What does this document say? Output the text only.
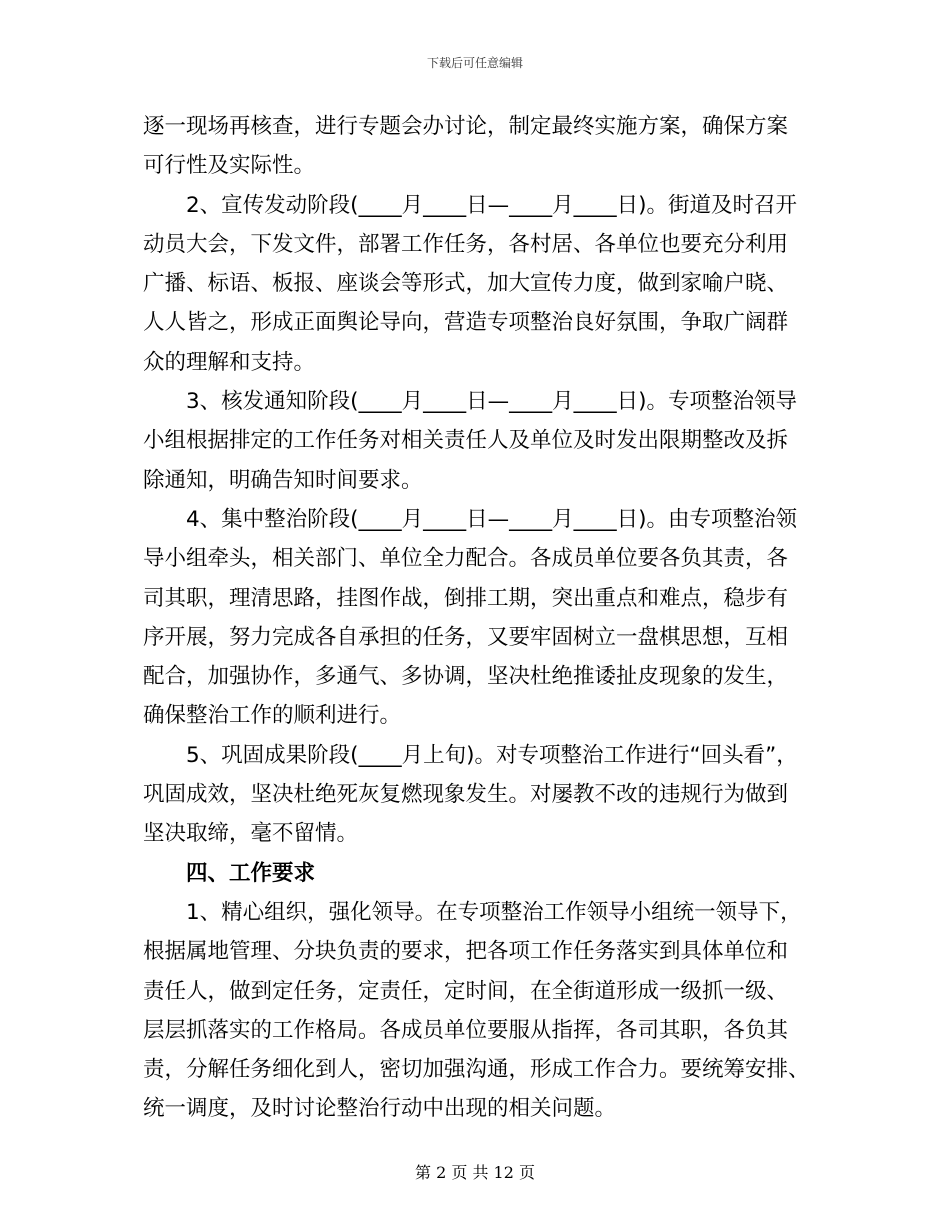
下载后可任意编辑
逐一现场再核查，进行专题会办讨论，制定最终实施方案，确保方案
可行性及实际性。
2、宣传发动阶段(____月____日—____月____日)。街道及时召开
动员大会，下发文件，部署工作任务，各村居、各单位也要充分利用
广播、标语、板报、座谈会等形式，加大宣传力度，做到家喻户晓、
人人皆之，形成正面舆论导向，营造专项整治良好氛围，争取广阔群
众的理解和支持。
3、核发通知阶段(____月____日—____月____日)。专项整治领导
小组根据排定的工作任务对相关责任人及单位及时发出限期整改及拆
除通知，明确告知时间要求。
4、集中整治阶段(____月____日—____月____日)。由专项整治领
导小组牵头，相关部门、单位全力配合。各成员单位要各负其责，各
司其职，理清思路，挂图作战，倒排工期，突出重点和难点，稳步有
序开展，努力完成各自承担的任务，又要牢固树立一盘棋思想，互相
配合，加强协作，多通气、多协调，坚决杜绝推诿扯皮现象的发生，
确保整治工作的顺利进行。
5、巩固成果阶段(____月上旬)。对专项整治工作进行“回头看”，
巩固成效，坚决杜绝死灰复燃现象发生。对屡教不改的违规行为做到
坚决取缔，毫不留情。
四、工作要求
1、精心组织，强化领导。在专项整治工作领导小组统一领导下，
根据属地管理、分块负责的要求，把各项工作任务落实到具体单位和
责任人，做到定任务，定责任，定时间，在全街道形成一级抓一级、
层层抓落实的工作格局。各成员单位要服从指挥，各司其职，各负其
责，分解任务细化到人，密切加强沟通，形成工作合力。要统筹安排、
统一调度，及时讨论整治行动中出现的相关问题。
第 2 页 共 12 页
